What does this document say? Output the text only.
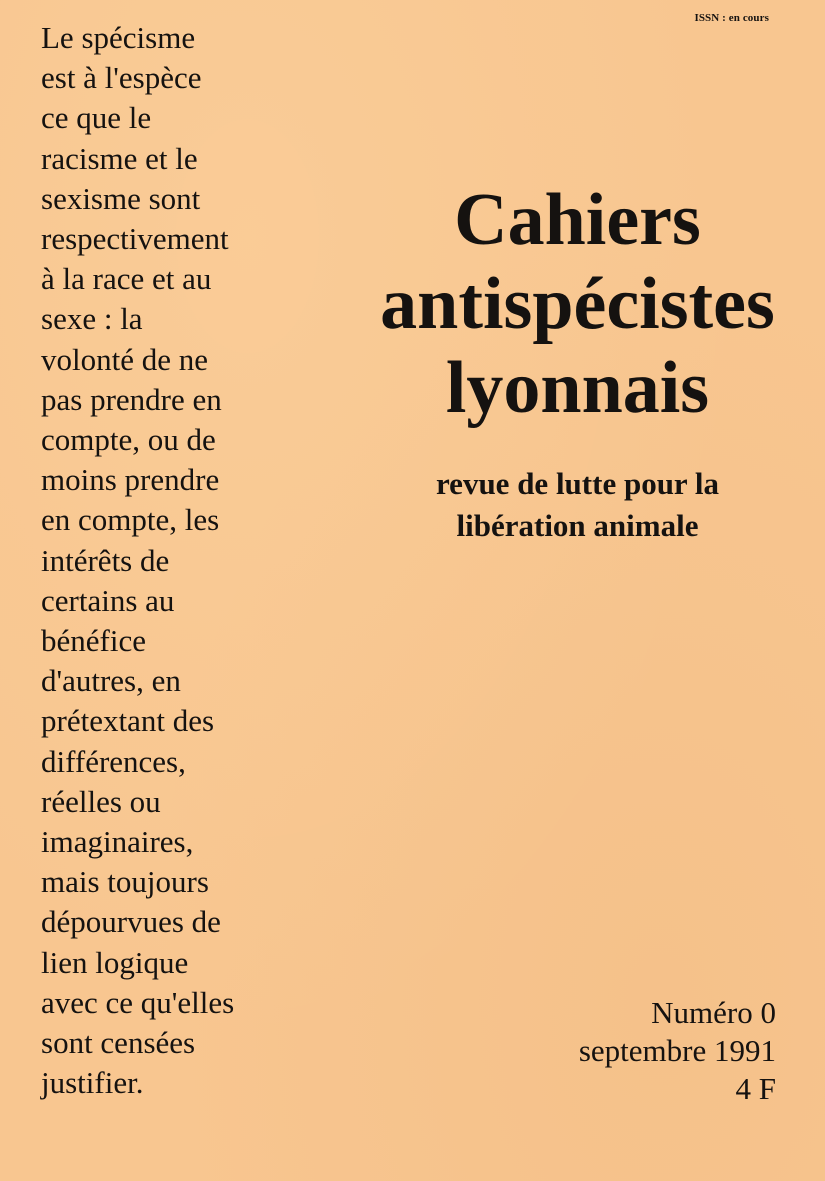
ISSN : en cours

Le spécisme
est à l'espèce
ce que le
racisme et le
sexisme sont
respectivement
à la race et au
sexe : la
volonté de ne
pas prendre en
compte, ou de
moins prendre
en compte, les
intérêts de
certains au
bénéfice
d'autres, en
prétextant des
différences,
réelles ou
imaginaires,
mais toujours
dépourvues de
lien logique
avec ce qu'elles
sont censées
justifier.

Cahiers
antispécistes
lyonnais
revue de lutte pour la
libération animale
Numéro 0
septembre 1991
4 F
